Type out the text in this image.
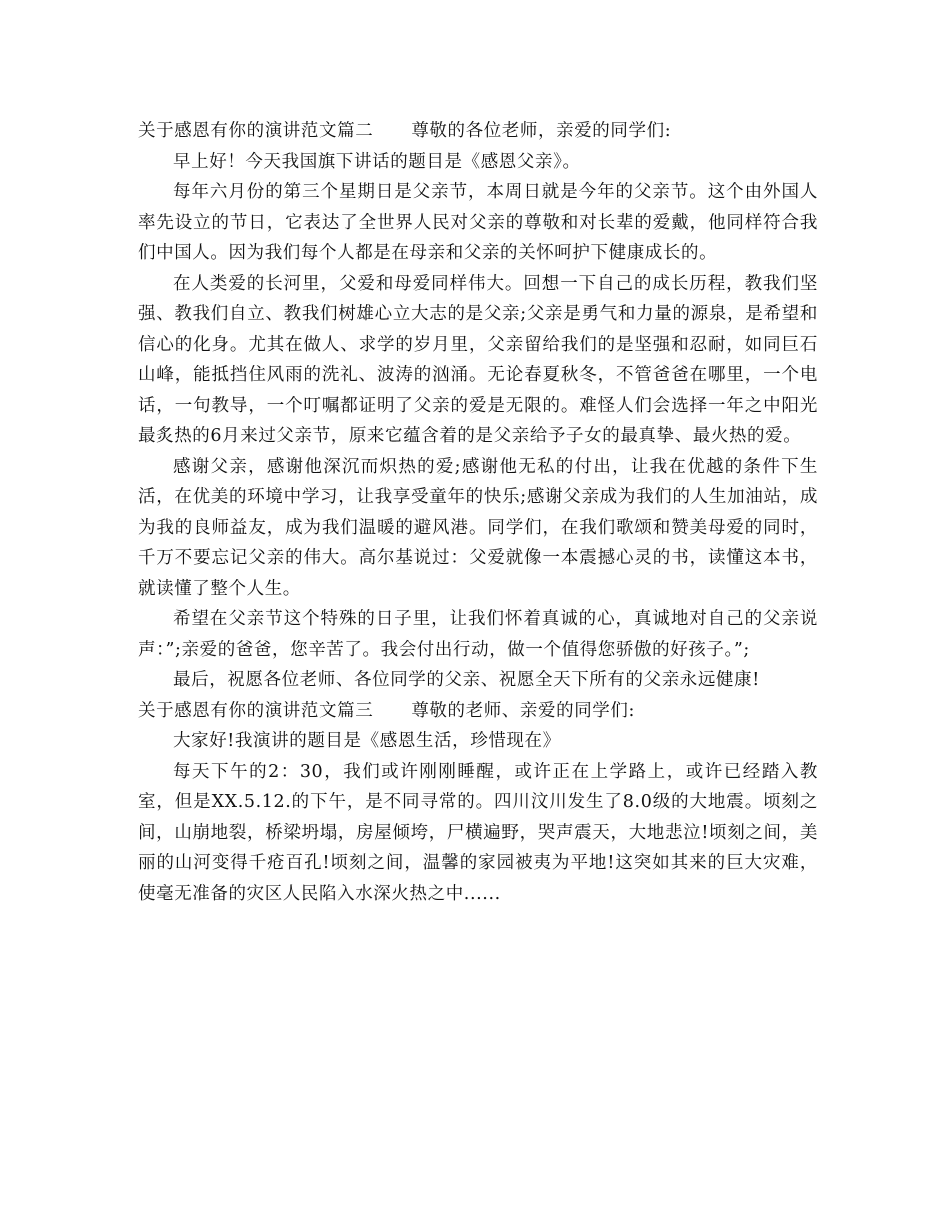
关于感恩有你的演讲范文篇二 尊敬的各位老师，亲爱的同学们:

早上好！今天我国旗下讲话的题目是《感恩父亲》。

每年六月份的第三个星期日是父亲节，本周日就是今年的父亲节。这个由外国人率先设立的节日，它表达了全世界人民对父亲的尊敬和对长辈的爱戴，他同样符合我们中国人。因为我们每个人都是在母亲和父亲的关怀呵护下健康成长的。

在人类爱的长河里，父爱和母爱同样伟大。回想一下自己的成长历程，教我们坚强、教我们自立、教我们树雄心立大志的是父亲;父亲是勇气和力量的源泉，是希望和信心的化身。尤其在做人、求学的岁月里，父亲留给我们的是坚强和忍耐，如同巨石山峰，能抵挡住风雨的洗礼、波涛的汹涌。无论春夏秋冬，不管爸爸在哪里，一个电话，一句教导，一个叮嘱都证明了父亲的爱是无限的。难怪人们会选择一年之中阳光最炙热的6月来过父亲节，原来它蕴含着的是父亲给予子女的最真挚、最火热的爱。

感谢父亲，感谢他深沉而炽热的爱;感谢他无私的付出，让我在优越的条件下生活，在优美的环境中学习，让我享受童年的快乐;感谢父亲成为我们的人生加油站，成为我的良师益友，成为我们温暖的避风港。同学们，在我们歌颂和赞美母爱的同时，千万不要忘记父亲的伟大。高尔基说过：父爱就像一本震撼心灵的书，读懂这本书，就读懂了整个人生。

希望在父亲节这个特殊的日子里，让我们怀着真诚的心，真诚地对自己的父亲说声：”;亲爱的爸爸，您辛苦了。我会付出行动，做一个值得您骄傲的好孩子。”;

最后，祝愿各位老师、各位同学的父亲、祝愿全天下所有的父亲永远健康!

关于感恩有你的演讲范文篇三 尊敬的老师、亲爱的同学们:

大家好!我演讲的题目是《感恩生活，珍惜现在》

每天下午的2：30，我们或许刚刚睡醒，或许正在上学路上，或许已经踏入教室，但是XX.5.12.的下午，是不同寻常的。四川汶川发生了8.0级的大地震。顷刻之间，山崩地裂，桥梁坍塌，房屋倾垮，尸横遍野，哭声震天，大地悲泣!顷刻之间，美丽的山河变得千疮百孔!顷刻之间，温馨的家园被夷为平地!这突如其来的巨大灾难，使毫无准备的灾区人民陷入水深火热之中......
